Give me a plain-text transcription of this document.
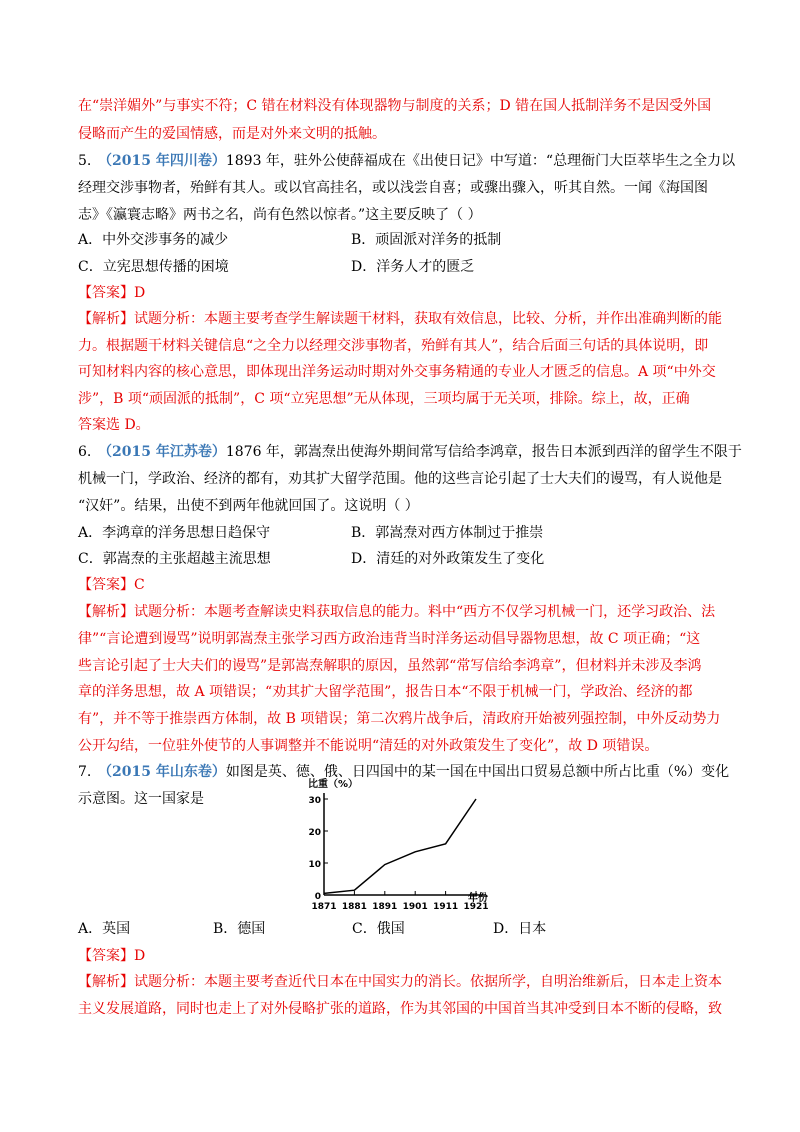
在“崇洋媚外”与事实不符；C 错在材料没有体现器物与制度的关系；D 错在国人抵制洋务不是因受外国
侵略而产生的爱国情感，而是对外来文明的抵触。
5. （2015 年四川卷）1893 年，驻外公使薛福成在《出使日记》中写道：“总理衙门大臣萃毕生之全力以
经理交涉事物者，殆鲜有其人。或以官高挂名，或以浅尝自喜；或骤出骤入，听其自然。一闻《海国图
志》《瀛寰志略》两书之名，尚有色然以惊者。”这主要反映了（ ）
A．中外交涉事务的减少	B．顽固派对洋务的抵制
C．立宪思想传播的困境	D．洋务人才的匮乏
【答案】D
【解析】试题分析：本题主要考查学生解读题干材料，获取有效信息，比较、分析，并作出准确判断的能
力。根据题干材料关键信息“之全力以经理交涉事物者，殆鲜有其人”，结合后面三句话的具体说明，即
可知材料内容的核心意思，即体现出洋务运动时期对外交事务精通的专业人才匮乏的信息。A 项“中外交
涉”，B 项“顽固派的抵制”，C 项“立宪思想”无从体现，三项均属于无关项，排除。综上，故，正确
答案选 D。
6. （2015 年江苏卷）1876 年，郭嵩焘出使海外期间常写信给李鸿章，报告日本派到西洋的留学生不限于
机械一门，学政治、经济的都有，劝其扩大留学范围。他的这些言论引起了士大夫们的谩骂，有人说他是
“汉奸”。结果，出使不到两年他就回国了。这说明（ ）
A．李鸿章的洋务思想日趋保守	B．郭嵩焘对西方体制过于推崇
C．郭嵩焘的主张超越主流思想	D．清廷的对外政策发生了变化
【答案】C
【解析】试题分析：本题考查解读史料获取信息的能力。料中“西方不仅学习机械一门，还学习政治、法
律”“言论遭到谩骂”说明郭嵩焘主张学习西方政治违背当时洋务运动倡导器物思想，故 C 项正确；“这
些言论引起了士大夫们的谩骂”是郭嵩焘解职的原因，虽然郭“常写信给李鸿章”，但材料并未涉及李鸿
章的洋务思想，故 A 项错误；“劝其扩大留学范围”，报告日本“不限于机械一门，学政治、经济的都
有”，并不等于推崇西方体制，故 B 项错误；第二次鸦片战争后，清政府开始被列强控制，中外反动势力
公开勾结，一位驻外使节的人事调整并不能说明“清廷的对外政策发生了变化”，故 D 项错误。
7. （2015 年山东卷）如图是英、德、俄、日四国中的某一国在中国出口贸易总额中所占比重（%）变化
示意图。这一国家是
比重（%）
年份
0
10
20
30
1871 1881 1891 1901 1911 1921
A．英国	B．德国	C．俄国	D．日本
【答案】D
【解析】试题分析：本题主要考查近代日本在中国实力的消长。依据所学，自明治维新后，日本走上资本
主义发展道路，同时也走上了对外侵略扩张的道路，作为其邻国的中国首当其冲受到日本不断的侵略，致
